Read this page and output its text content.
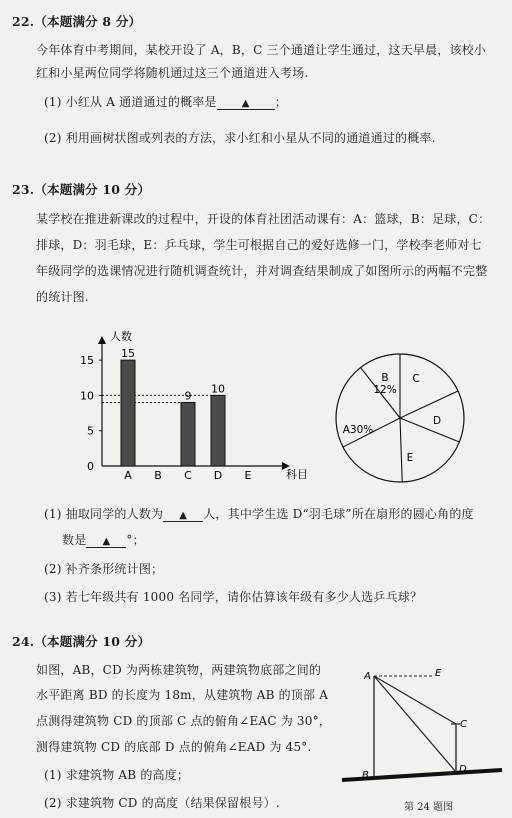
22.（本题满分 8 分）
今年体育中考期间，某校开设了 A，B，C 三个通道让学生通过，这天早晨，该校小
红和小星两位同学将随机通过这三个通道进入考场.
(1) 小红从 A 通道通过的概率是	▲ ；
(2) 利用画树状图或列表的方法，求小红和小星从不同的通道通过的概率.
23.（本题满分 10 分）
某学校在推进新课改的过程中，开设的体育社团活动课有：A：篮球，B：足球，C：
排球，D：羽毛球，E：乒乓球，学生可根据自己的爱好选修一门，学校李老师对七
年级同学的选课情况进行随机调查统计，并对调查结果制成了如图所示的两幅不完整
的统计图.
人数
科目
0
5
10
15
15
A B
9
C
10
D E
B
12%
C
D
E
A30%
(1) 抽取同学的人数为 ▲ 人，其中学生选 D“羽毛球”所在扇形的圆心角的度
数是 ▲ °；
(2) 补齐条形统计图；
(3) 若七年级共有 1000 名同学，请你估算该年级有多少人选乒乓球？
24.（本题满分 10 分）
如图，AB，CD 为两栋建筑物，两建筑物底部之间的
水平距离 BD 的长度为 18m，从建筑物 AB 的顶部 A
点测得建筑物 CD 的顶部 C 点的俯角∠EAC 为 30°，
测得建筑物 CD 的底部 D 点的俯角∠EAD 为 45°.
(1) 求建筑物 AB 的高度；
(2) 求建筑物 CD 的高度（结果保留根号）.
A
B
C
D
E
第 24 题图
